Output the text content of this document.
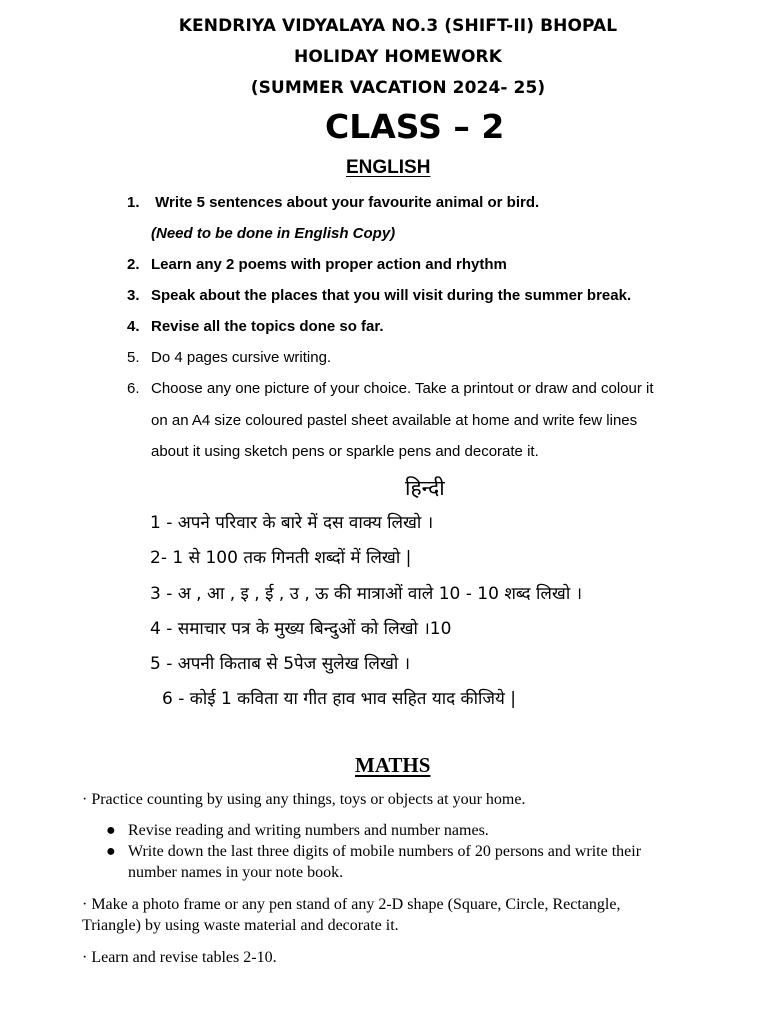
KENDRIYA VIDYALAYA NO.3 (SHIFT-II) BHOPAL
HOLIDAY HOMEWORK
(SUMMER VACATION 2024- 25)
CLASS – 2
ENGLISH
1. Write 5 sentences about your favourite animal or bird.
(Need to be done in English Copy)
2. Learn any 2 poems with proper action and rhythm
3. Speak about the places that you will visit during the summer break.
4. Revise all the topics done so far.
5. Do 4 pages cursive writing.
6. Choose any one picture of your choice. Take a printout or draw and colour it
on an A4 size coloured pastel sheet available at home and write few lines
about it using sketch pens or sparkle pens and decorate it.
हिन्दी
1 - अपने परिवार के बारे में दस वाक्य लिखो ।
2- 1 से 100 तक गिनती शब्दों में लिखो |
3 - अ , आ , इ , ई , उ , ऊ की मात्राओं वाले 10 - 10 शब्द लिखो ।
4 - समाचार पत्र के मुख्य बिन्दुओं को लिखो ।10
5 - अपनी किताब से 5पेज सुलेख लिखो ।
6 - कोई 1 कविता या गीत हाव भाव सहित याद कीजिये |
MATHS
· Practice counting by using any things, toys or objects at your home.
● Revise reading and writing numbers and number names.
● Write down the last three digits of mobile numbers of 20 persons and write their
number names in your note book.
· Make a photo frame or any pen stand of any 2-D shape (Square, Circle, Rectangle,
Triangle) by using waste material and decorate it.
· Learn and revise tables 2-10.
